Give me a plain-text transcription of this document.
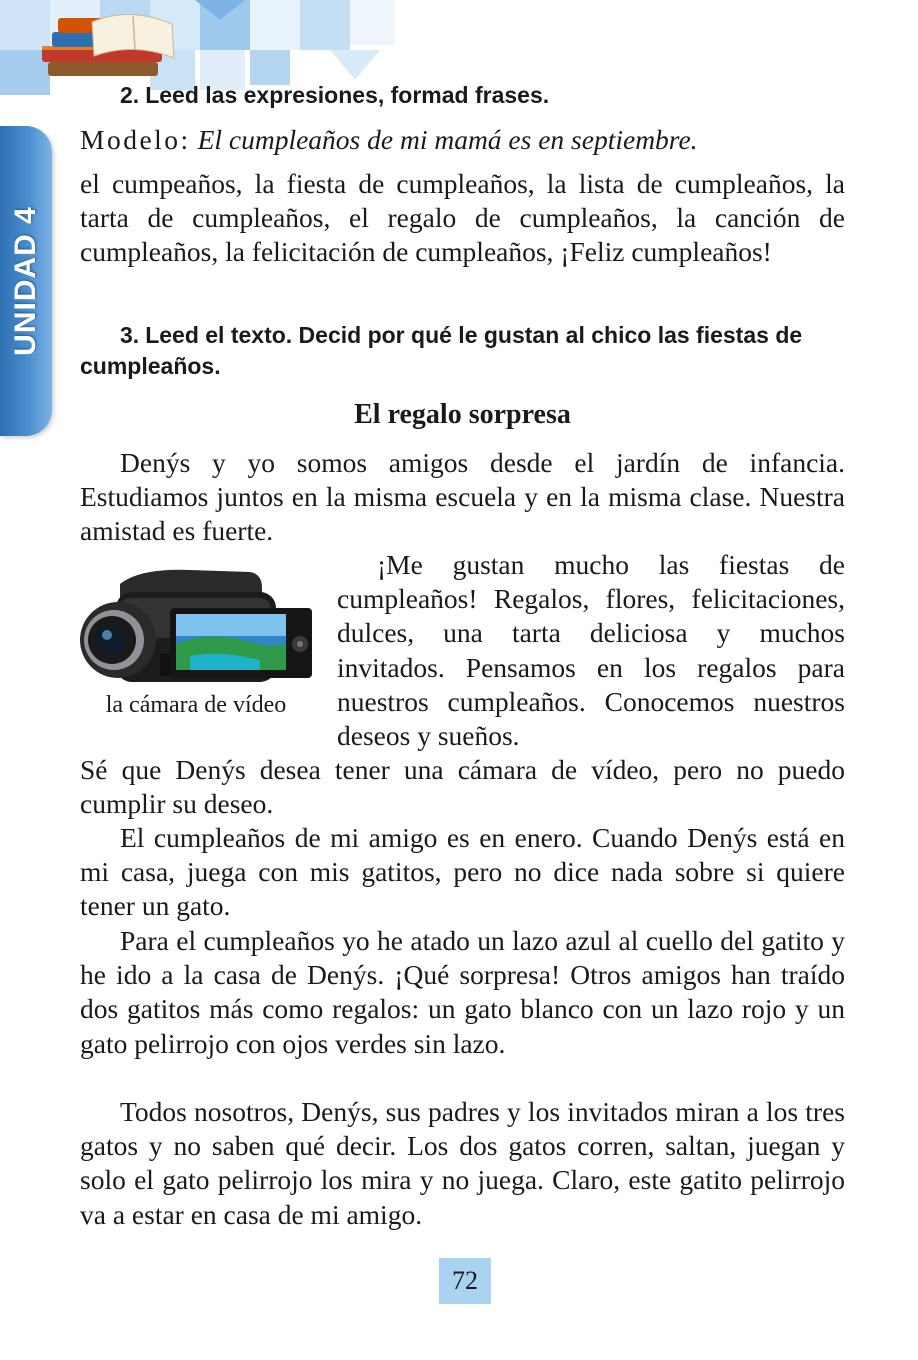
UNIDAD 4

2. Leed las expresiones, formad frases.

Modelo: El cumpleaños de mi mamá es en septiembre.

el cumpeaños, la fiesta de cumpleaños, la lista de cumpleaños, la tarta de cumpleaños, el regalo de cumpleaños, la canción de cumpleaños, la felicitación de cumpleaños, ¡Feliz cumpleaños!

3. Leed el texto. Decid por qué le gustan al chico las fiestas de cumpleaños.

El regalo sorpresa

Denýs y yo somos amigos desde el jardín de infancia. Estudiamos juntos en la misma escuela y en la misma clase. Nuestra amistad es fuerte.

la cámara de vídeo

¡Me gustan mucho las fiestas de cumpleaños! Regalos, flores, felicitaciones, dulces, una tarta deliciosa y muchos invitados. Pensamos en los regalos para nuestros cumpleaños. Conocemos nuestros deseos y sueños.

Sé que Denýs desea tener una cámara de vídeo, pero no puedo cumplir su deseo.

El cumpleaños de mi amigo es en enero. Cuando Denýs está en mi casa, juega con mis gatitos, pero no dice nada sobre si quiere tener un gato.

Para el cumpleaños yo he atado un lazo azul al cuello del gatito y he ido a la casa de Denýs. ¡Qué sorpresa! Otros amigos han traído dos gatitos más como regalos: un gato blanco con un lazo rojo y un gato pelirrojo con ojos verdes sin lazo.

Todos nosotros, Denýs, sus padres y los invitados miran a los tres gatos y no saben qué decir. Los dos gatos corren, saltan, juegan y solo el gato pelirrojo los mira y no juega. Claro, este gatito pelirrojo va a estar en casa de mi amigo.

72
